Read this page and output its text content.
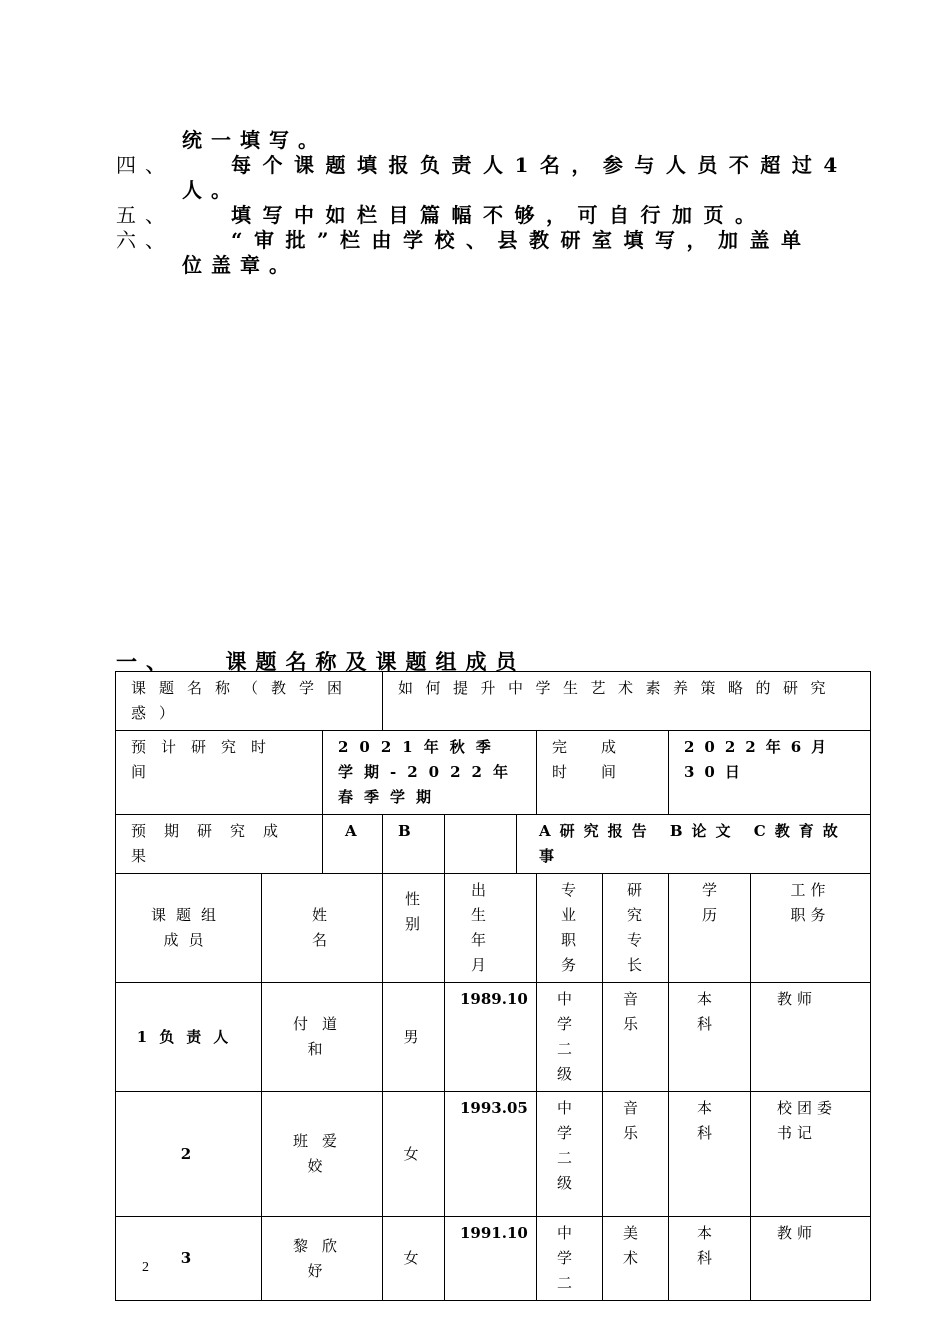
统一填写。
四、	每个课题填报负责人1名，参与人员不超过4
人。
五、	填写中如栏目篇幅不够，可自行加页。
六、	“审批”栏由学校、县教研室填写，加盖单
位盖章。
一、　　课题名称及课题组成员
课题名称（教学困惑）			如何提升中学生艺术素养策略的研究						
预计研究时间		2021年秋季学期-2022年春季学期				完成时间		2022年6月30日	
预期研究成果		A	B		A研究报告 B论文 C教育故事				
课题组成员	姓名		性别	出生年月		专业职务	研究专长	学历	工作职务
1负责人	付道和		男	1989.10		中学二级	音乐	本科	教师
2	班爱姣		女	1993.05		中学二级	音乐	本科	校团委书记
3	黎欣妤		女	1991.10		中学二	美术	本科	教师
2
